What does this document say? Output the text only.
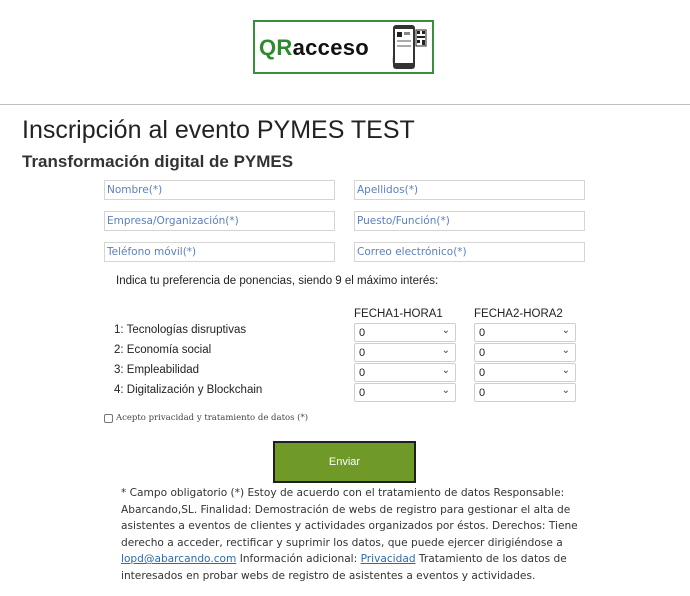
QRacceso
Inscripción al evento PYMES TEST
Transformación digital de PYMES
Nombre(*)
Apellidos(*)
Empresa/Organización(*)
Puesto/Función(*)
Teléfono móvil(*)
Correo electrónico(*)
Indica tu preferencia de ponencias, siendo 9 el máximo interés:
FECHA1-HORA1	FECHA2-HORA2
1: Tecnologías disruptivas	0	⌄	0	⌄
2: Economía social	0	⌄	0	⌄
3: Empleabilidad	0	⌄	0	⌄
4: Digitalización y Blockchain	0	⌄	0	⌄
Acepto privacidad y tratamiento de datos (*)
Enviar
* Campo obligatorio (*) Estoy de acuerdo con el tratamiento de datos Responsable: Abarcando,SL. Finalidad: Demostración de webs de registro para gestionar el alta de asistentes a eventos de clientes y actividades organizados por éstos. Derechos: Tiene derecho a acceder, rectificar y suprimir los datos, que puede ejercer dirigiéndose a lopd@abarcando.com Información adicional: Privacidad Tratamiento de los datos de interesados en probar webs de registro de asistentes a eventos y actividades.
